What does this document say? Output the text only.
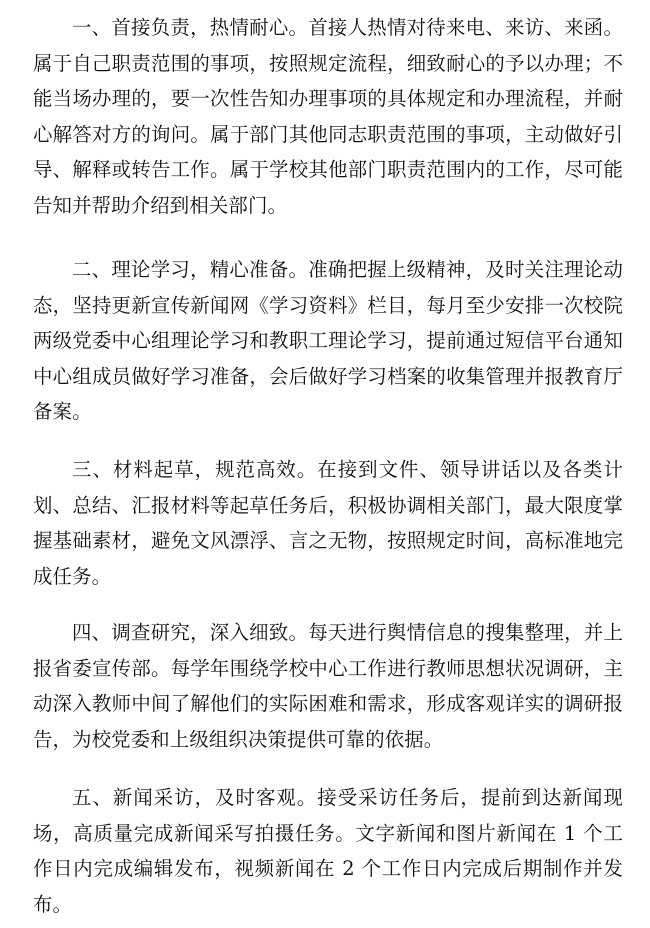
一、首接负责，热情耐心。首接人热情对待来电、来访、来函。属于自己职责范围的事项，按照规定流程，细致耐心的予以办理；不能当场办理的，要一次性告知办理事项的具体规定和办理流程，并耐心解答对方的询问。属于部门其他同志职责范围的事项，主动做好引导、解释或转告工作。属于学校其他部门职责范围内的工作，尽可能告知并帮助介绍到相关部门。

二、理论学习，精心准备。准确把握上级精神，及时关注理论动态，坚持更新宣传新闻网《学习资料》栏目，每月至少安排一次校院两级党委中心组理论学习和教职工理论学习，提前通过短信平台通知中心组成员做好学习准备，会后做好学习档案的收集管理并报教育厅备案。

三、材料起草，规范高效。在接到文件、领导讲话以及各类计划、总结、汇报材料等起草任务后，积极协调相关部门，最大限度掌握基础素材，避免文风漂浮、言之无物，按照规定时间，高标准地完成任务。

四、调查研究，深入细致。每天进行舆情信息的搜集整理，并上报省委宣传部。每学年围绕学校中心工作进行教师思想状况调研，主动深入教师中间了解他们的实际困难和需求，形成客观详实的调研报告，为校党委和上级组织决策提供可靠的依据。

五、新闻采访，及时客观。接受采访任务后，提前到达新闻现场，高质量完成新闻采写拍摄任务。文字新闻和图片新闻在 1 个工作日内完成编辑发布，视频新闻在 2 个工作日内完成后期制作并发布。
